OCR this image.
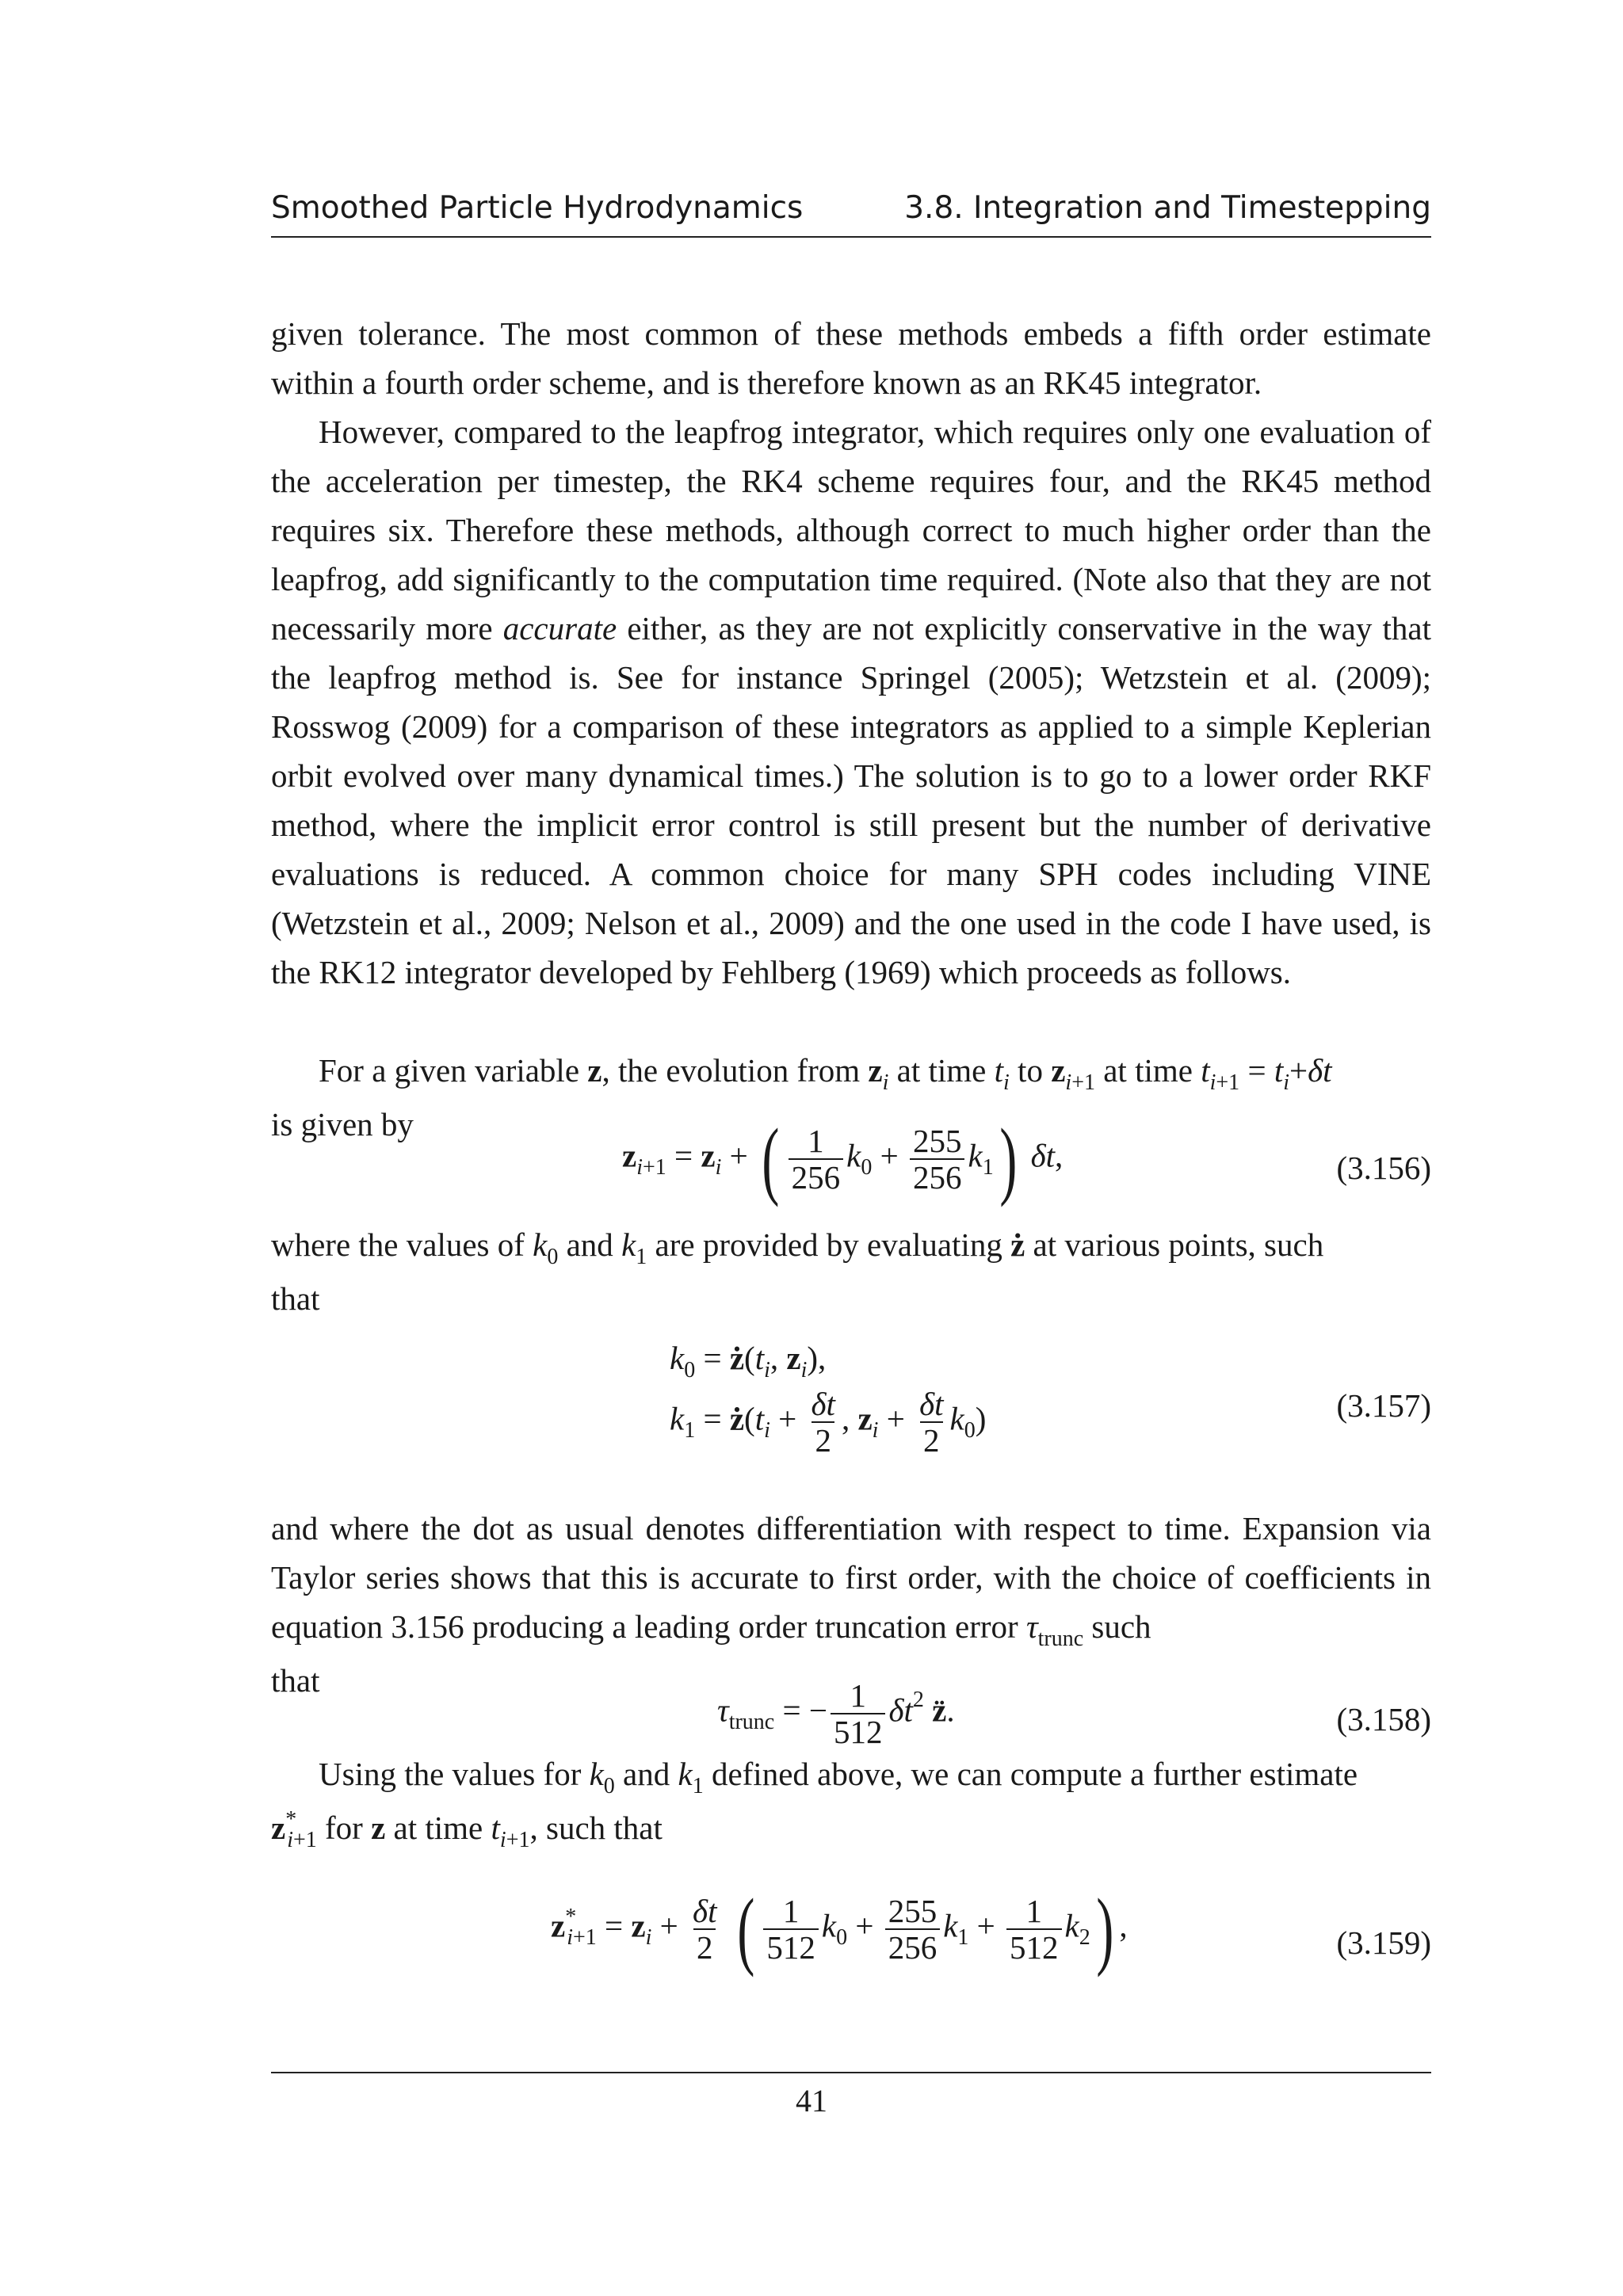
Smoothed Particle Hydrodynamics	3.8. Integration and Timestepping

given tolerance. The most common of these methods embeds a fifth order estimate within a fourth order scheme, and is therefore known as an RK45 integrator.

However, compared to the leapfrog integrator, which requires only one evaluation of the acceleration per timestep, the RK4 scheme requires four, and the RK45 method requires six. Therefore these methods, although correct to much higher order than the leapfrog, add significantly to the computation time required. (Note also that they are not necessarily more accurate either, as they are not explicitly conservative in the way that the leapfrog method is. See for instance Springel (2005); Wetzstein et al. (2009); Rosswog (2009) for a comparison of these integrators as applied to a simple Keplerian orbit evolved over many dynamical times.) The solution is to go to a lower order RKF method, where the implicit error control is still present but the number of derivative evaluations is reduced. A common choice for many SPH codes including VINE (Wetzstein et al., 2009; Nelson et al., 2009) and the one used in the code I have used, is the RK12 integrator developed by Fehlberg (1969) which proceeds as follows.

For a given variable z, the evolution from $z_i$ at time $t_i$ to $z_{i+1}$ at time $t_{i+1} = t_i+\delta t$
is given by

$z_{i+1} = z_i$ + ( $\frac{1}{256} k_0 + \frac{255}{256} k_1$) δt,	(3.156)

where the values of $k_0$ and $k_1$ are provided by evaluating ż at various points, such
that

$k_0$ = $ż(t_i$, $z_i$),
$k_1$ = $ż(t_i + \frac{\delta t}{2}$ , $z_i + \frac{\delta t}{2} k_0$)	(3.157)

and where the dot as usual denotes differentiation with respect to time. Expansion via Taylor series shows that this is accurate to first order, with the choice of coefficients in equation 3.156 producing a leading order truncation error $\tau_{trunc}$ such
that

$\tau_{trunc}$ = − $\frac{1}{512} \delta t^2$ z̈.	(3.158)

Using the values for $k_0$ and $k_1$ defined above, we can compute a further estimate
$z^*_{i+1}$ for z at time $t_{i+1}$, such that

$z^*_{i+1} = z_i + \frac{\delta t}{2}$ ( $\frac{1}{512} k_0 + \frac{255}{256} k_1 + \frac{1}{512} k_2$) ,	(3.159)
41
